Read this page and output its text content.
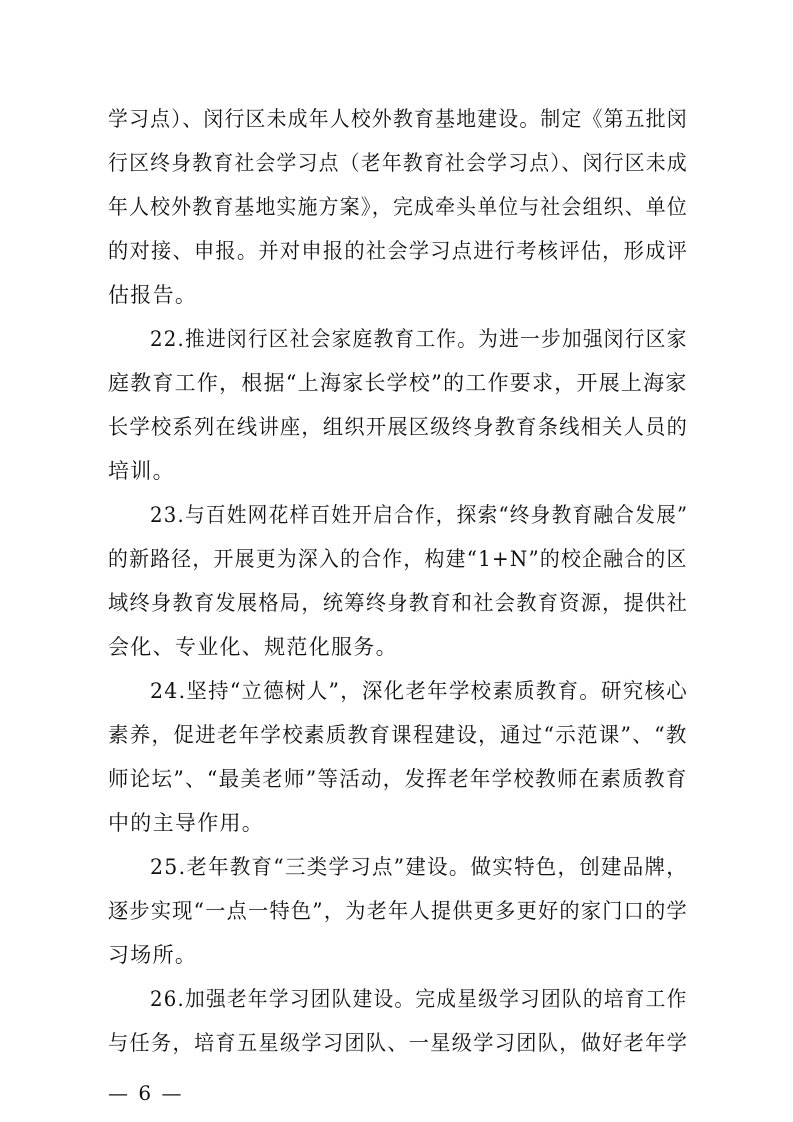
学习点）、闵行区未成年人校外教育基地建设。制定《第五批闵
行区终身教育社会学习点（老年教育社会学习点）、闵行区未成
年人校外教育基地实施方案》，完成牵头单位与社会组织、单位
的对接、申报。并对申报的社会学习点进行考核评估，形成评
估报告。
22.推进闵行区社会家庭教育工作。为进一步加强闵行区家
庭教育工作，根据“上海家长学校”的工作要求，开展上海家
长学校系列在线讲座，组织开展区级终身教育条线相关人员的
培训。
23.与百姓网花样百姓开启合作，探索“终身教育融合发展”
的新路径，开展更为深入的合作，构建“1+N”的校企融合的区
域终身教育发展格局，统筹终身教育和社会教育资源，提供社
会化、专业化、规范化服务。
24.坚持“立德树人”，深化老年学校素质教育。研究核心
素养，促进老年学校素质教育课程建设，通过“示范课”、“教
师论坛”、“最美老师”等活动，发挥老年学校教师在素质教育
中的主导作用。
25.老年教育“三类学习点”建设。做实特色，创建品牌，
逐步实现“一点一特色”，为老年人提供更多更好的家门口的学
习场所。
26.加强老年学习团队建设。完成星级学习团队的培育工作
与任务，培育五星级学习团队、一星级学习团队，做好老年学
— 6 —
